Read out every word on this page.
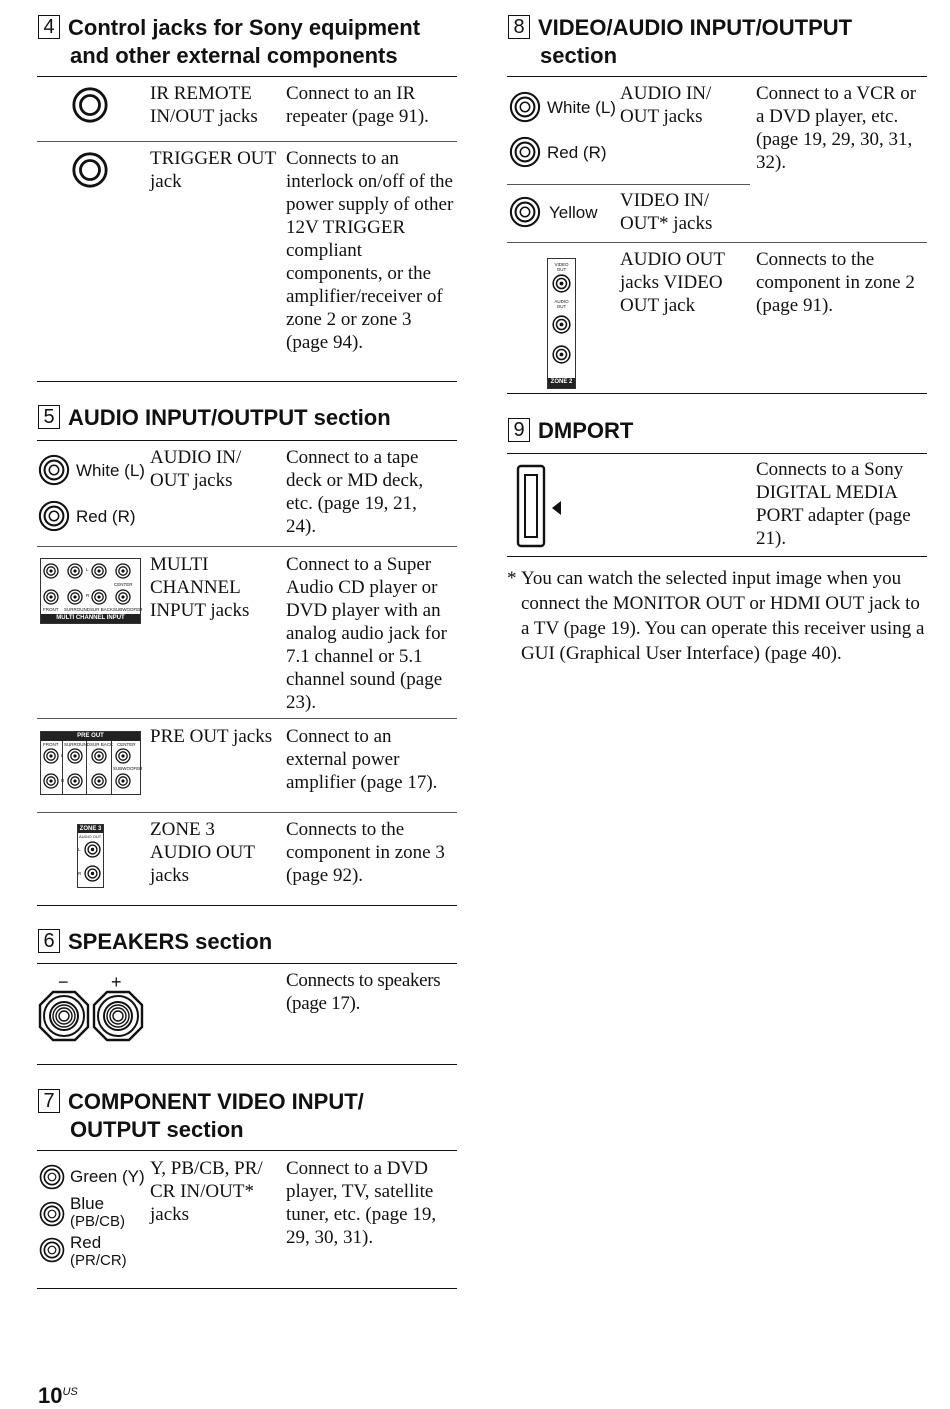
4 Control jacks for Sony equipment
and other external components
IR REMOTE IN/OUT jacks
Connect to an IR repeater (page 91).
TRIGGER OUT jack
Connects to an interlock on/off of the power supply of other 12V TRIGGER compliant components, or the amplifier/receiver of zone 2 or zone 3 (page 94).
5 AUDIO INPUT/OUTPUT section
White (L)
Red (R)
AUDIO IN/ OUT jacks
Connect to a tape deck or MD deck, etc. (page 19, 21, 24).
L
R
CENTER
FRONT SURROUND SUR BACK SUBWOOFER
MULTI CHANNEL INPUT
MULTI CHANNEL INPUT jacks
Connect to a Super Audio CD player or DVD player with an analog audio jack for 7.1 channel or 5.1 channel sound (page 23).
PRE OUT
FRONT SURROUND SUR BACK CENTER
L
R
SUBWOOFER
PRE OUT jacks Connect to an external power amplifier (page 17).
ZONE 3
AUDIO OUT
L
R
ZONE 3 AUDIO OUT jacks
Connects to the component in zone 3 (page 92).
6 SPEAKERS section
− +	Connects to speakers (page 17).
7 COMPONENT VIDEO INPUT/
OUTPUT section
Green (Y)
Blue
(PB/CB)
Red
(PR/CR)
Y, PB/CB, PR/ CR IN/OUT* jacks
Connect to a DVD player, TV, satellite tuner, etc. (page 19, 29, 30, 31).
8 VIDEO/AUDIO INPUT/OUTPUT
section
White (L)
Red (R)
AUDIO IN/ OUT jacks
Connect to a VCR or a DVD player, etc. (page 19, 29, 30, 31, 32).
Yellow
VIDEO IN/ OUT* jacks
VIDEO OUT
AUDIO OUT
ZONE 2
AUDIO OUT jacks VIDEO OUT jack
Connects to the component in zone 2 (page 91).
9 DMPORT
Connects to a Sony DIGITAL MEDIA PORT adapter (page 21).
* You can watch the selected input image when you connect the MONITOR OUT or HDMI OUT jack to a TV (page 19). You can operate this receiver using a GUI (Graphical User Interface) (page 40).
$10^{US}$
